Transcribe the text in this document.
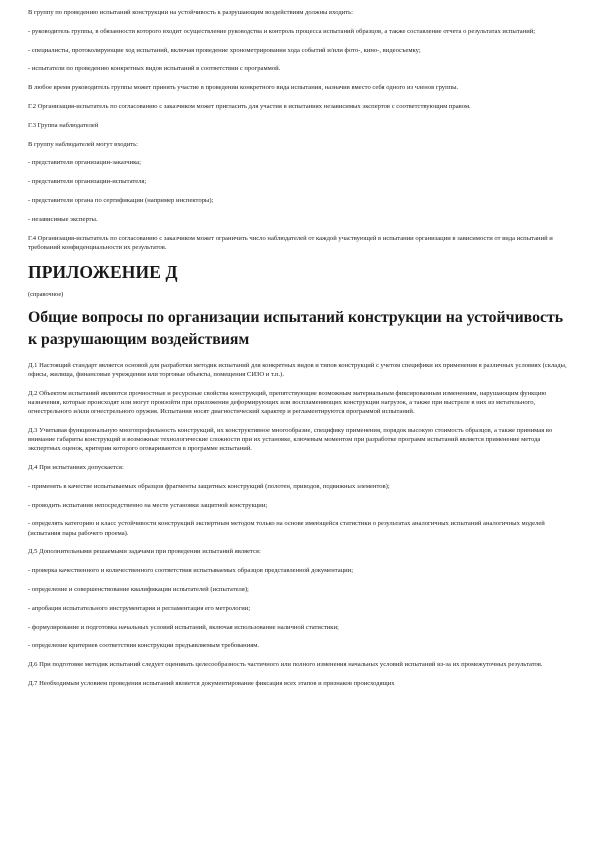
В группу по проведению испытаний конструкции на устойчивость к разрушающим воздействиям должны входить:

- руководитель группы, в обязанности которого входит осуществление руководства и контроль процесса испытаний образцов, а также составление отчета о результатах испытаний;

- специалисты, протоколирующие ход испытаний, включая проведение хронометрирования хода событий и/или фото-, кино-, видеосъемку;

- испытатели по проведению конкретных видов испытаний в соответствии с программой.

В любое время руководитель группы может принять участие в проведении конкретного вида испытания, назначив вместо себя одного из членов группы.

Г.2 Организация-испытатель по согласованию с заказчиком может пригласить для участия в испытаниях независимых экспертов с соответствующим правом.

Г.3 Группа наблюдателей

В группу наблюдателей могут входить:

- представители организации-заказчика;

- представители организации-испытателя;

- представители органа по сертификации (например инспекторы);

- независимые эксперты.

Г.4 Организация-испытатель по согласованию с заказчиком может ограничить число наблюдателей от каждой участвующей в испытании организации в зависимости от вида испытаний и требований конфиденциальности их результатов.

ПРИЛОЖЕНИЕ Д
(справочное)
Общие вопросы по организации испытаний конструкции на устойчивость к разрушающим воздействиям

Д.1 Настоящий стандарт является основой для разработки методик испытаний для конкретных видов и типов конструкций с учетом специфики их применения в различных условиях (склады, офисы, жилища, финансовые учреждения или торговые объекты, помещения СИЗО и т.п.).

Д.2 Объектом испытаний являются прочностные и ресурсные свойства конструкций, препятствующие возможным материальным фиксированным изменениям, нарушающим функцию назначения, которые происходят или могут произойти при приложении деформирующих или воспламеняющих конструкции нагрузок, а также при выстреле в них из метательного, огнестрельного и/или огнестрельного оружия. Испытания носят диагностический характер и регламентируются программой испытаний.

Д.3 Учитывая функциональную многопрофильность конструкций, их конструктивное многообразие, специфику применения, порядок высокую стоимость образцов, а также принимая во внимание габариты конструкций и возможные технологические сложности при их установке, ключевым моментом при разработке программ испытаний является применение метода экспертных оценок, критерии которого оговариваются в программе испытаний.

Д.4 При испытаниях допускается:

- применять в качестве испытываемых образцов фрагменты защитных конструкций (полотен, приводов, подвижных элементов);

- проводить испытания непосредственно на месте установки защитной конструкции;

- определять категорию и класс устойчивости конструкций экспертным методом только на основе имеющейся статистики о результатах аналогичных испытаний аналогичных моделей (испытания пары рабочего проема).

Д.5 Дополнительными решаемыми задачами при проведении испытаний является:

- проверка качественного и количественного соответствия испытываемых образцов представленной документации;

- определение и совершенствование квалификации испытателей (испытателя);

- апробация испытательного инструментария и регламентация его метрологии;

- формулирование и подготовка начальных условий испытаний, включая использование наличной статистики;

- определение критериев соответствия конструкции предъявляемым требованиям.

Д.6 При подготовке методик испытаний следует оценивать целесообразность частичного или полного изменения начальных условий испытаний из-за их промежуточных результатов.

Д.7 Необходимым условием проведения испытаний является документирование фиксация всех этапов и признаков происходящих
